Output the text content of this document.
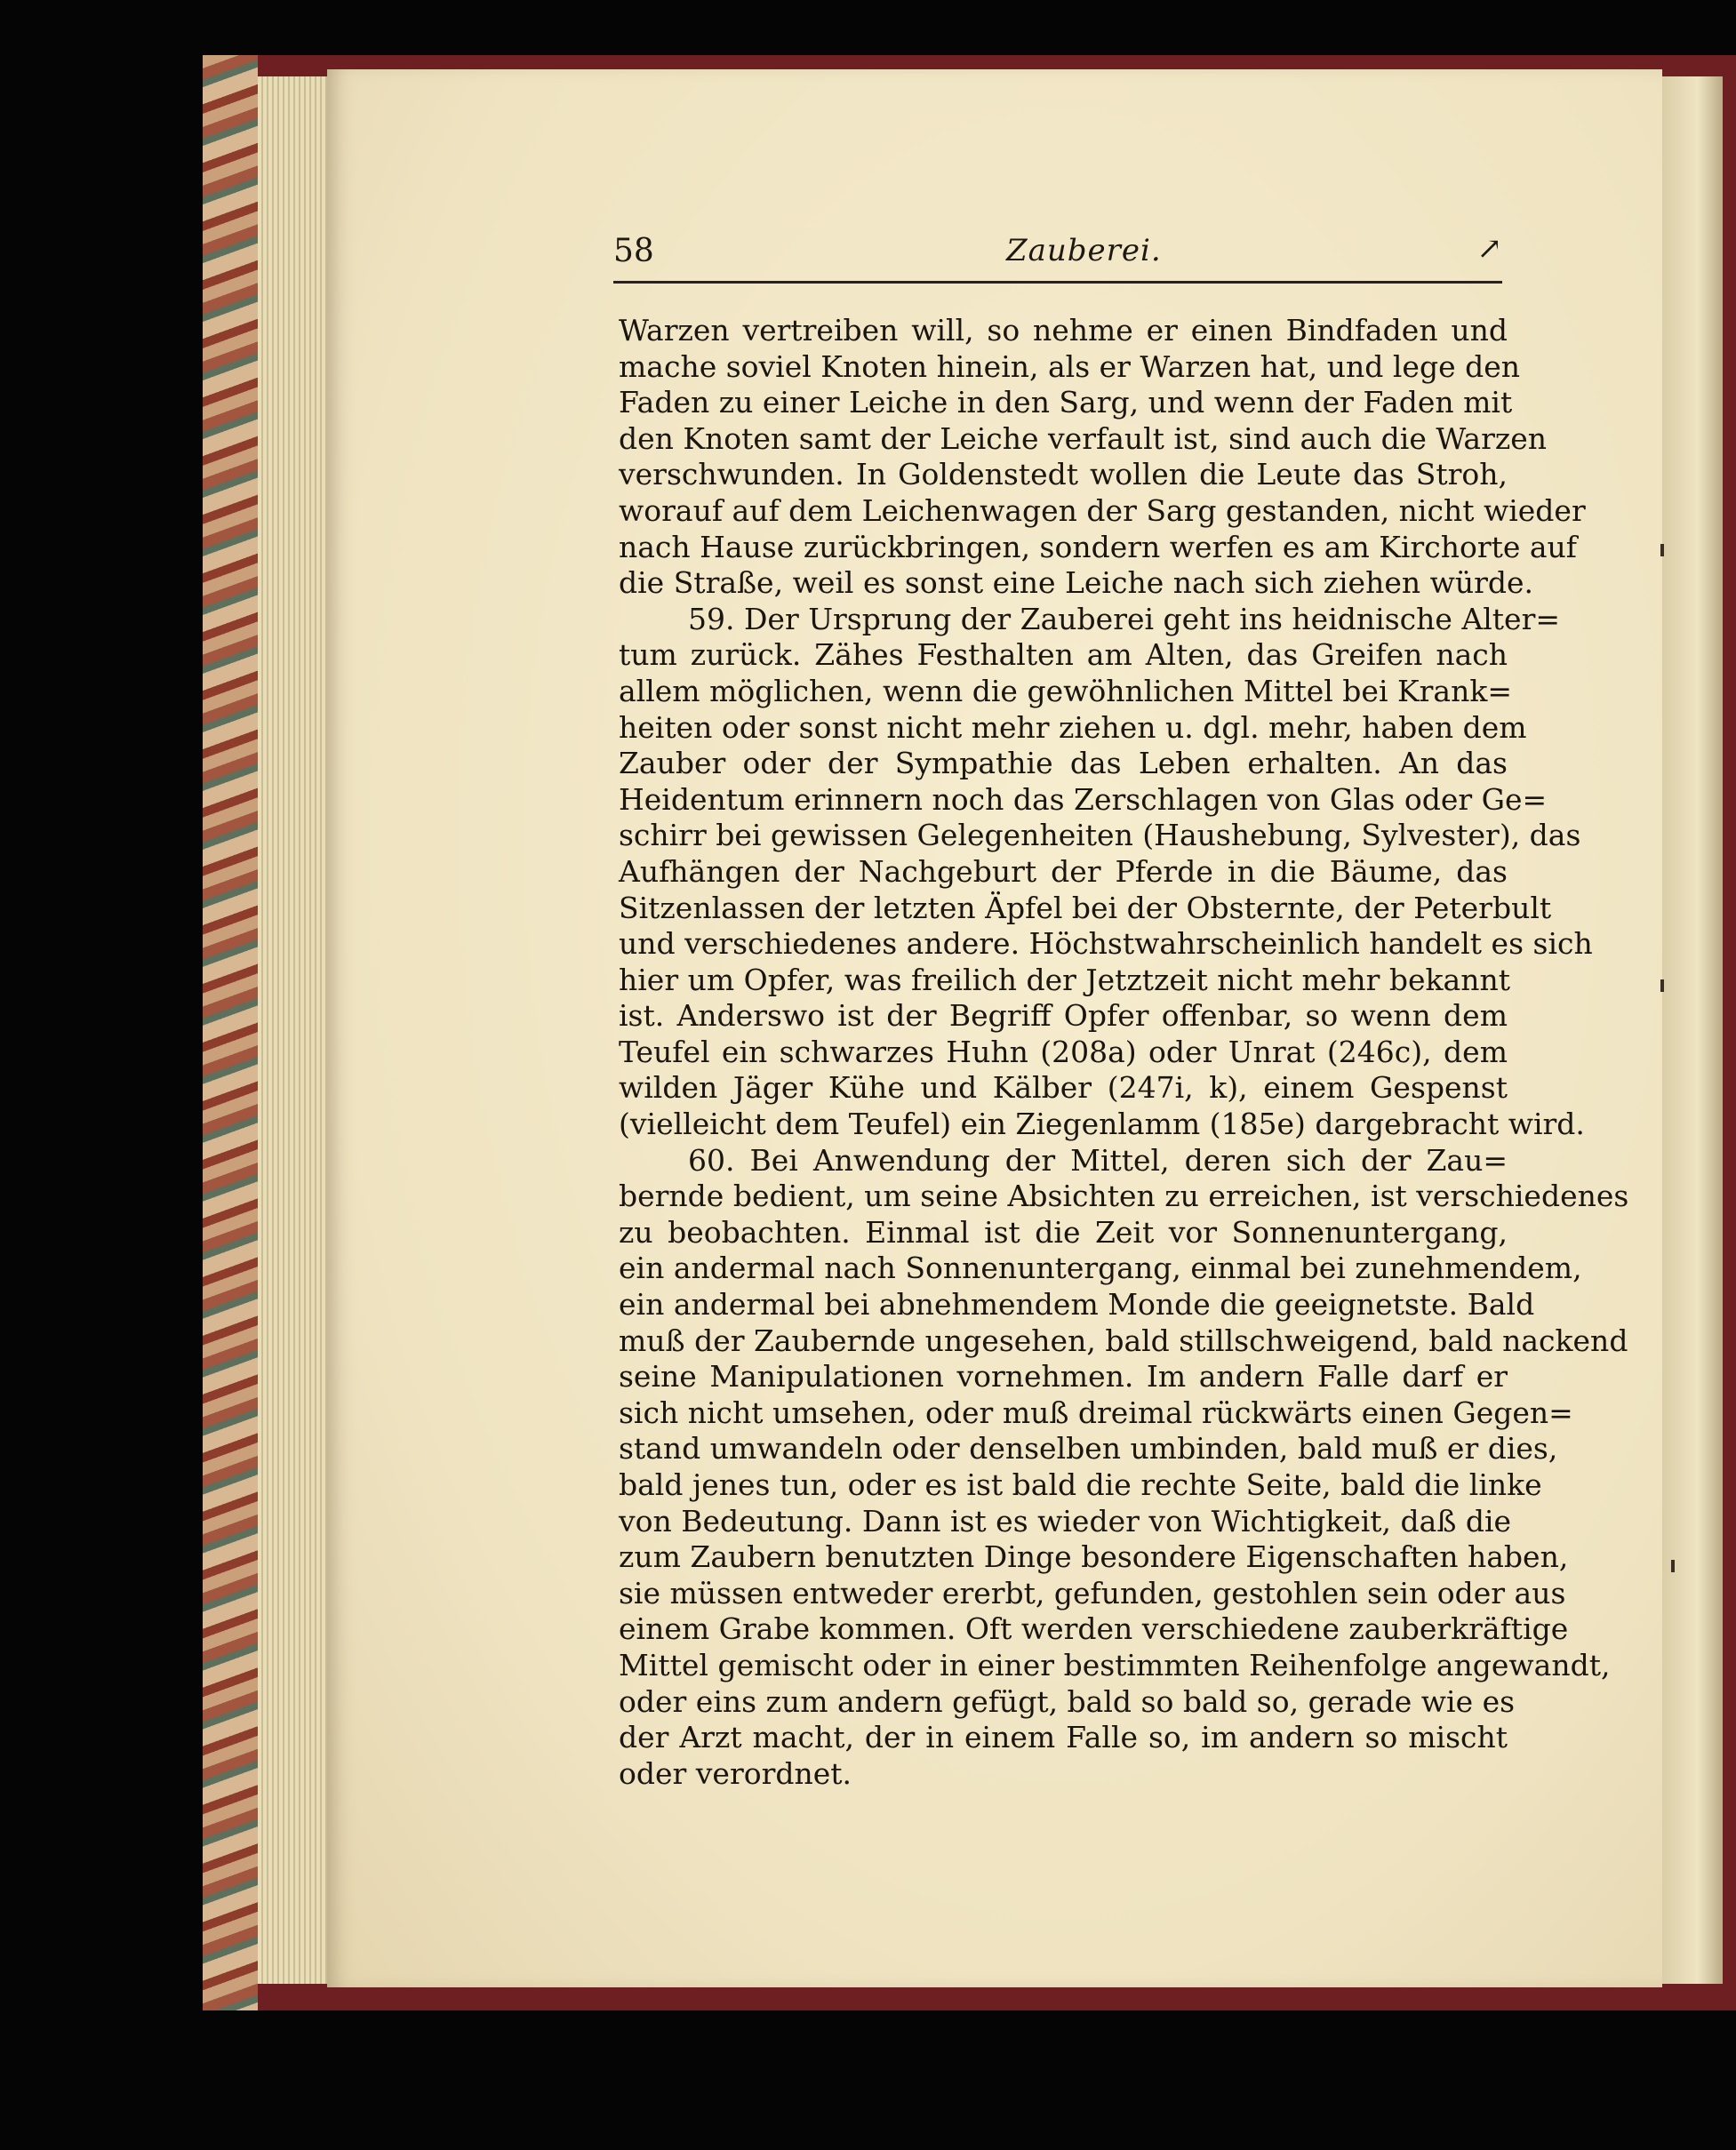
58	Zauberei.	↗
Warzen vertreiben will, so nehme er einen Bindfaden und
mache soviel Knoten hinein, als er Warzen hat, und lege den
Faden zu einer Leiche in den Sarg, und wenn der Faden mit
den Knoten samt der Leiche verfault ist, sind auch die Warzen
verschwunden. In Goldenstedt wollen die Leute das Stroh,
worauf auf dem Leichenwagen der Sarg gestanden, nicht wieder
nach Hause zurückbringen, sondern werfen es am Kirchorte auf
die Straße, weil es sonst eine Leiche nach sich ziehen würde.
59. Der Ursprung der Zauberei geht ins heidnische Alter=
tum zurück. Zähes Festhalten am Alten, das Greifen nach
allem möglichen, wenn die gewöhnlichen Mittel bei Krank=
heiten oder sonst nicht mehr ziehen u. dgl. mehr, haben dem
Zauber oder der Sympathie das Leben erhalten. An das
Heidentum erinnern noch das Zerschlagen von Glas oder Ge=
schirr bei gewissen Gelegenheiten (Haushebung, Sylvester), das
Aufhängen der Nachgeburt der Pferde in die Bäume, das
Sitzenlassen der letzten Äpfel bei der Obsternte, der Peterbult
und verschiedenes andere. Höchstwahrscheinlich handelt es sich
hier um Opfer, was freilich der Jetztzeit nicht mehr bekannt
ist. Anderswo ist der Begriff Opfer offenbar, so wenn dem
Teufel ein schwarzes Huhn (208a) oder Unrat (246c), dem
wilden Jäger Kühe und Kälber (247i, k), einem Gespenst
(vielleicht dem Teufel) ein Ziegenlamm (185e) dargebracht wird.
60. Bei Anwendung der Mittel, deren sich der Zau=
bernde bedient, um seine Absichten zu erreichen, ist verschiedenes
zu beobachten. Einmal ist die Zeit vor Sonnenuntergang,
ein andermal nach Sonnenuntergang, einmal bei zunehmendem,
ein andermal bei abnehmendem Monde die geeignetste. Bald
muß der Zaubernde ungesehen, bald stillschweigend, bald nackend
seine Manipulationen vornehmen. Im andern Falle darf er
sich nicht umsehen, oder muß dreimal rückwärts einen Gegen=
stand umwandeln oder denselben umbinden, bald muß er dies,
bald jenes tun, oder es ist bald die rechte Seite, bald die linke
von Bedeutung. Dann ist es wieder von Wichtigkeit, daß die
zum Zaubern benutzten Dinge besondere Eigenschaften haben,
sie müssen entweder ererbt, gefunden, gestohlen sein oder aus
einem Grabe kommen. Oft werden verschiedene zauberkräftige
Mittel gemischt oder in einer bestimmten Reihenfolge angewandt,
oder eins zum andern gefügt, bald so bald so, gerade wie es
der Arzt macht, der in einem Falle so, im andern so mischt
oder verordnet.
